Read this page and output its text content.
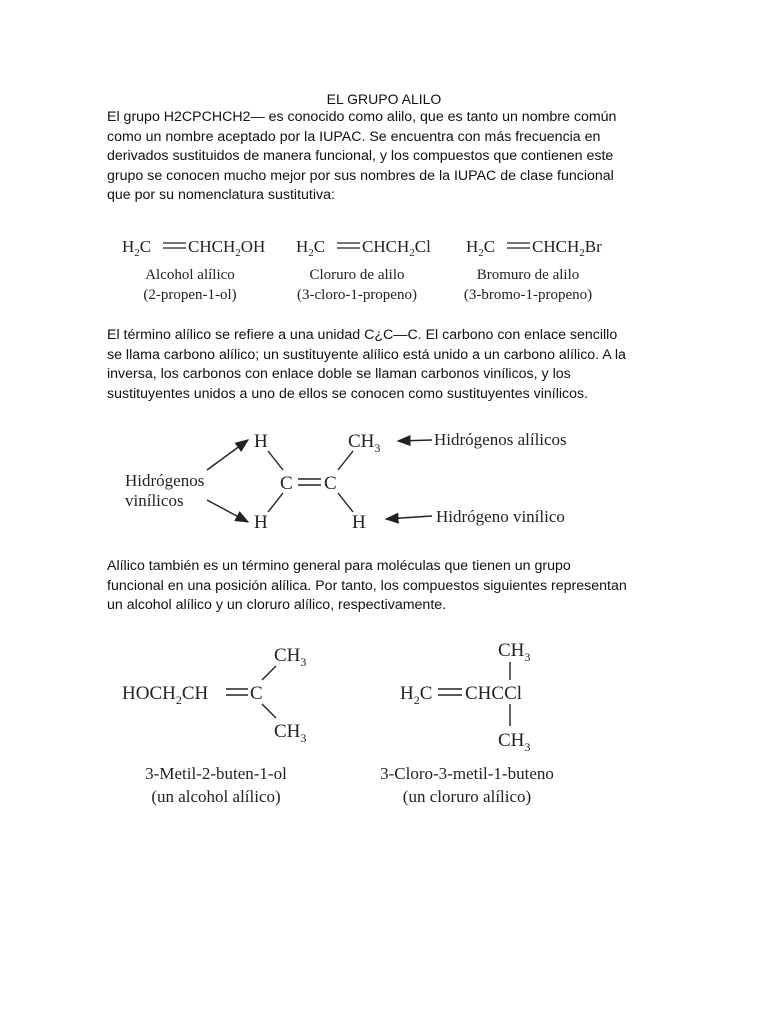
EL GRUPO ALILO

El grupo H2CPCHCH2— es conocido como alilo, que es tanto un nombre común
como un nombre aceptado por la IUPAC. Se encuentra con más frecuencia en
derivados sustituidos de manera funcional, y los compuestos que contienen este
grupo se conocen mucho mejor por sus nombres de la IUPAC de clase funcional
que por su nomenclatura sustitutiva:

$H_2C$ $CHCH_2OH$ $H_2C$ $CHCH_2Cl$ $H_2C$ $CHCH_2Br$
Alcohol alílico
(2-propen-1-ol)
Cloruro de alilo
(3-cloro-1-propeno)
Bromuro de alilo
(3-bromo-1-propeno)

El término alílico se refiere a una unidad C¿C—C. El carbono con enlace sencillo
se llama carbono alílico; un sustituyente alílico está unido a un carbono alílico. A la
inversa, los carbonos con enlace doble se llaman carbonos vinílicos, y los
sustituyentes unidos a uno de ellos se conocen como sustituyentes vinílicos.

H
H
C C
$CH_3$
H
Hidrógenos
vinílicos
Hidrógenos alílicos
Hidrógeno vinílico

Alílico también es un término general para moléculas que tienen un grupo
funcional en una posición alílica. Por tanto, los compuestos siguientes representan
un alcohol alílico y un cloruro alílico, respectivamente.

$HOCH_2CH$ C
$CH_3$
$CH_3$
$H_2C$ CHCCl
$CH_3$
$CH_3$
3-Metil-2-buten-1-ol
(un alcohol alílico)
3-Cloro-3-metil-1-buteno
(un cloruro alílico)
